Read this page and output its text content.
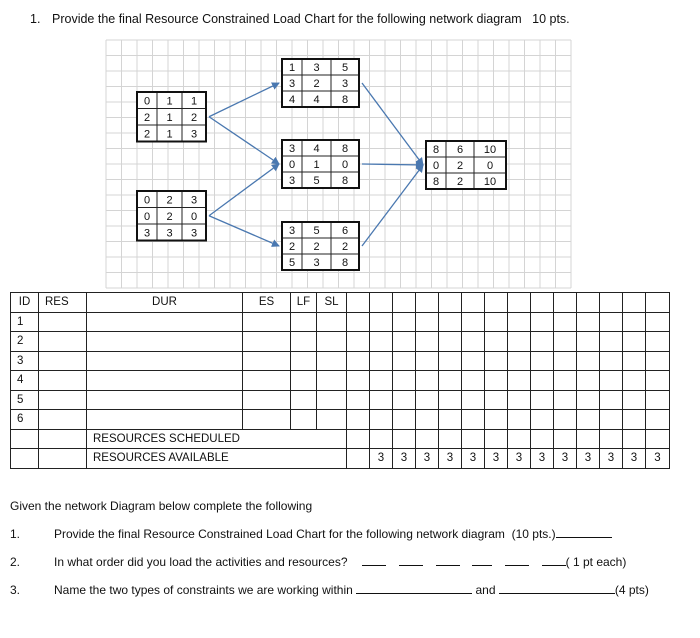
1. Provide the final Resource Constrained Load Chart for the following network diagram 10 pts.
0 1 1
2 1 2
2 1 3
0 2 3
0 2 0
3 3 3
1 3 5
3 2 3
4 4 8
3 4 8
0 1 0
3 5 8
3 5 6
2 2 2
5 3 8
8 6 10
0 2 0
8 2 10
ID	RES	DUR	ES	LF	SL														
1																			
2																			
3																			
4																			
5																			
6																			
		RESOURCES SCHEDULED																	
		RESOURCES AVAILABLE					3	3	3	3	3	3	3	3	3	3	3	3	3
Given the network Diagram below complete the following
1.	Provide the final Resource Constrained Load Chart for the following network diagram (10 pts.)
2.	In what order did you load the activities and resources?	( 1 pt each)
3.	Name the two types of constraints we are working within	and	(4 pts)
